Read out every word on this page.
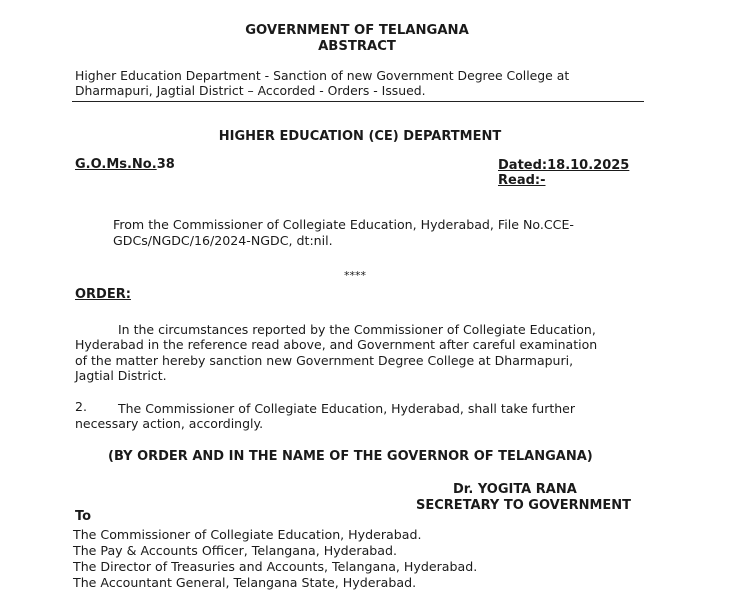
GOVERNMENT OF TELANGANA
ABSTRACT
Higher Education Department - Sanction of new Government Degree College at
Dharmapuri, Jagtial District – Accorded - Orders - Issued.
HIGHER EDUCATION (CE) DEPARTMENT
G.O.Ms.No.38	Dated:18.10.2025
Read:-
From the Commissioner of Collegiate Education, Hyderabad, File No.CCE-
GDCs/NGDC/16/2024-NGDC, dt:nil.
****
ORDER:
In the circumstances reported by the Commissioner of Collegiate Education,
Hyderabad in the reference read above, and Government after careful examination
of the matter hereby sanction new Government Degree College at Dharmapuri,
Jagtial District.
2. The Commissioner of Collegiate Education, Hyderabad, shall take further
necessary action, accordingly.
(BY ORDER AND IN THE NAME OF THE GOVERNOR OF TELANGANA)
Dr. YOGITA RANA
SECRETARY TO GOVERNMENT
To
The Commissioner of Collegiate Education, Hyderabad.
The Pay & Accounts Officer, Telangana, Hyderabad.
The Director of Treasuries and Accounts, Telangana, Hyderabad.
The Accountant General, Telangana State, Hyderabad.
